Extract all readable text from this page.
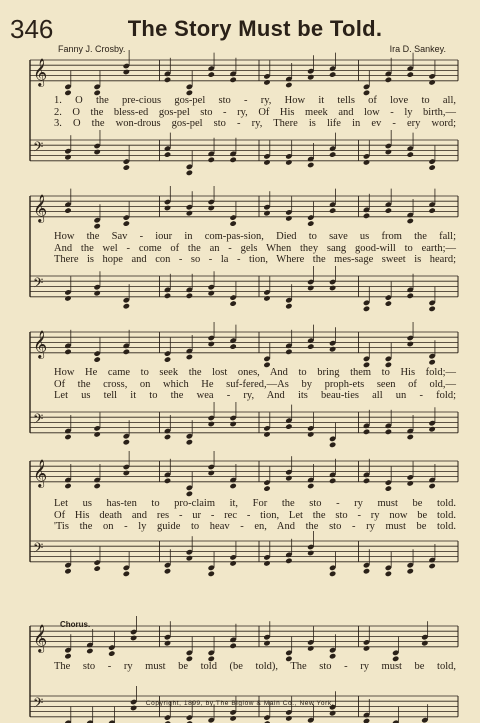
346	The Story Must be Told.
Fanny J. Crosby.	Ira D. Sankey.
𝄞
𝄢
𝄞
𝄢
𝄞
𝄢
𝄞
𝄢
𝄞
𝄢
1. O the pre-cious gos-pel sto - ry, How it tells of love to all,
2. O the bless-ed gos-pel sto - ry, Of His meek and low - ly birth,—
3. O the won-drous gos-pel sto - ry, There is life in ev - ery word;
How the Sav - iour in com-pas-sion, Died to save us from the fall;
And the wel - come of the an - gels When they sang good-will to earth;—
There is hope and con - so - la - tion, Where the mes-sage sweet is heard;
How He came to seek the lost ones, And to bring them to His fold;—
Of the cross, on which He suf-fered,—As by proph-ets seen of old,—
Let us tell it to the wea - ry, And its beau-ties all un - fold;
Let us has-ten to pro-claim it, For the sto - ry must be told.
Of His death and res - ur - rec - tion, Let the sto - ry now be told.
'Tis the on - ly guide to heav - en, And the sto - ry must be told.
The sto - ry must be told (be told), The sto - ry must be told,
Chorus.
Copyright, 1899, by The Biglow & Main Co., New York.
